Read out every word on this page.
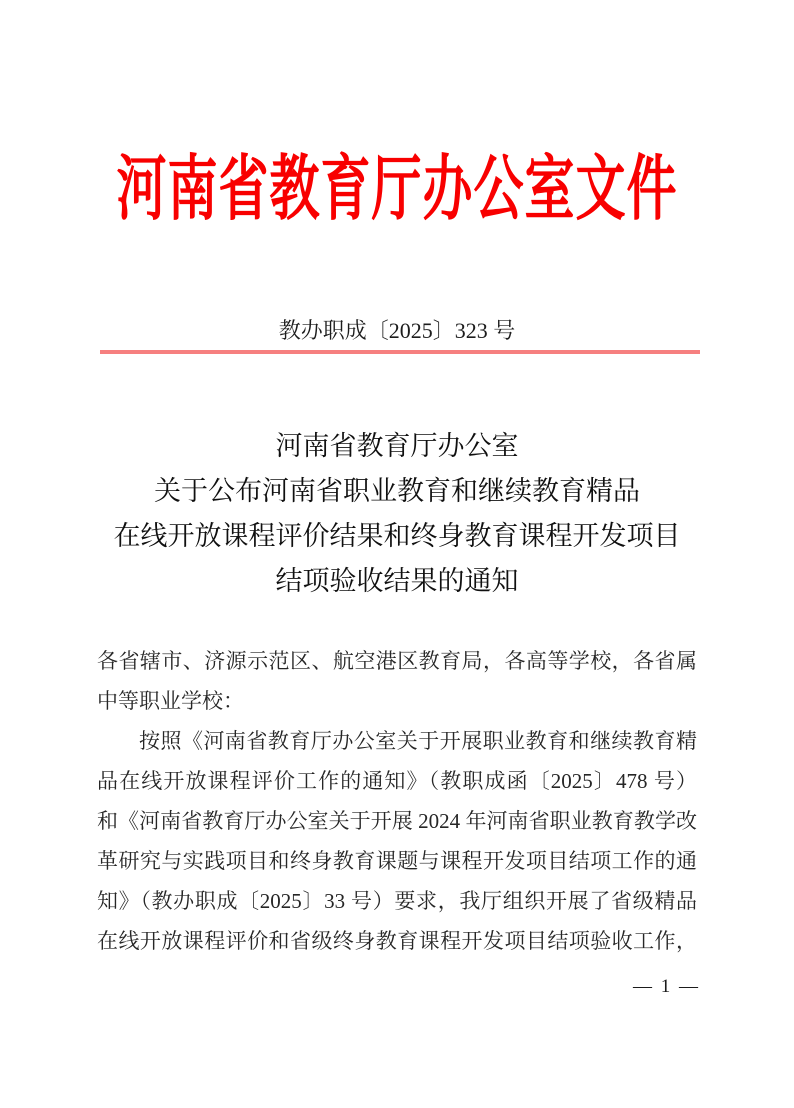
河南省教育厅办公室文件
教办职成〔2025〕323 号
河南省教育厅办公室
关于公布河南省职业教育和继续教育精品
在线开放课程评价结果和终身教育课程开发项目
结项验收结果的通知
各省辖市、济源示范区、航空港区教育局，各高等学校，各省属
中等职业学校：
按照《河南省教育厅办公室关于开展职业教育和继续教育精
品在线开放课程评价工作的通知》（教职成函〔2025〕478 号）
和《河南省教育厅办公室关于开展 2024 年河南省职业教育教学改
革研究与实践项目和终身教育课题与课程开发项目结项工作的通
知》（教办职成〔2025〕33 号）要求，我厅组织开展了省级精品
在线开放课程评价和省级终身教育课程开发项目结项验收工作，
— 1 —
